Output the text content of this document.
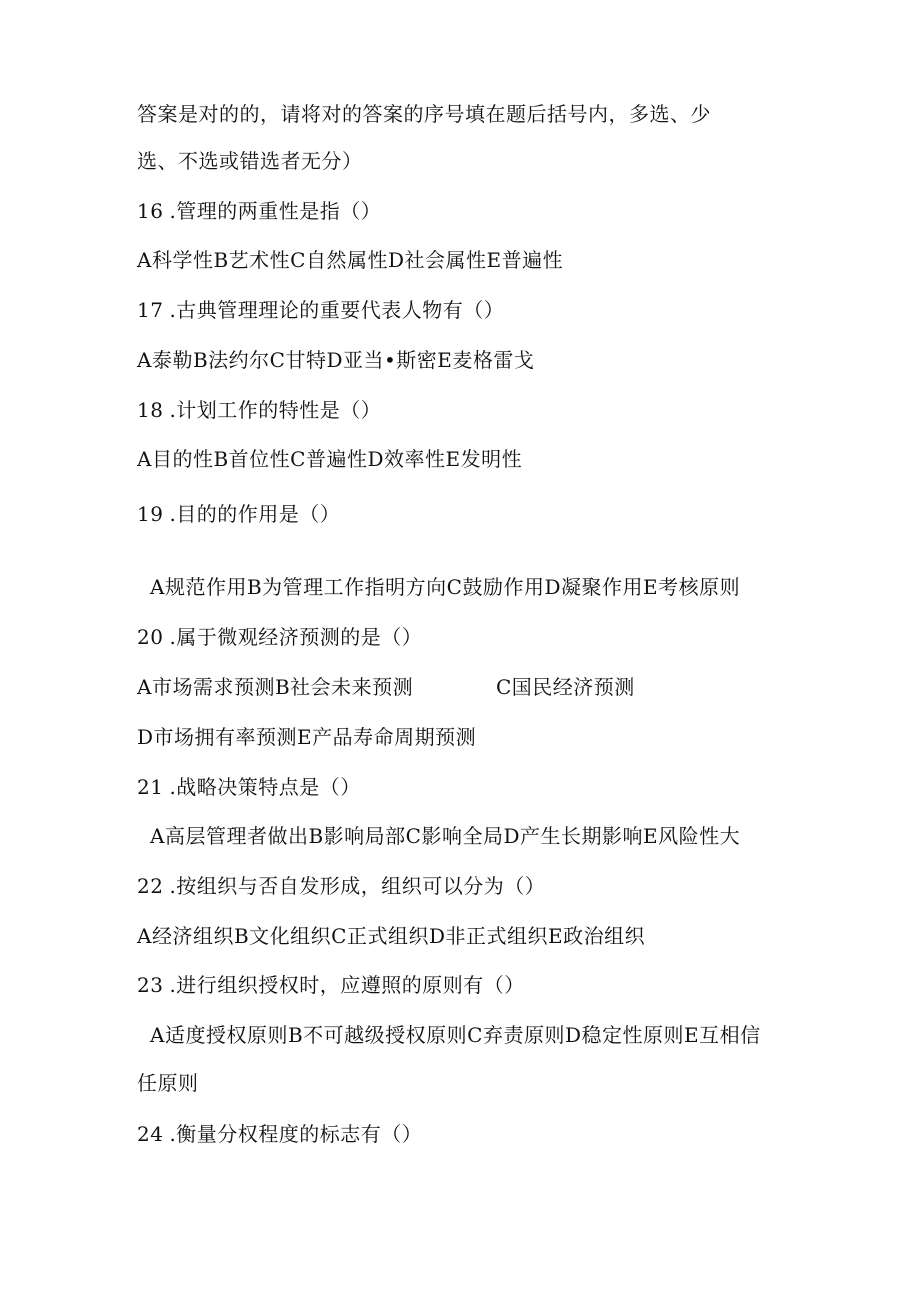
答案是对的的，请将对的答案的序号填在题后括号内，多选、少
选、不选或错选者无分）
16 .管理的两重性是指（）
A科学性B艺术性C自然属性D社会属性E普遍性
17 .古典管理理论的重要代表人物有（）
A泰勒B法约尔C甘特D亚当•斯密E麦格雷戈
18 .计划工作的特性是（）
A目的性B首位性C普遍性D效率性E发明性
19 .目的的作用是（）
A规范作用B为管理工作指明方向C鼓励作用D凝聚作用E考核原则
20 .属于微观经济预测的是（）
A市场需求预测B社会未来预测	C国民经济预测
D市场拥有率预测E产品寿命周期预测
21 .战略决策特点是（）
A高层管理者做出B影响局部C影响全局D产生长期影响E风险性大
22 .按组织与否自发形成，组织可以分为（）
A经济组织B文化组织C正式组织D非正式组织E政治组织
23 .进行组织授权时，应遵照的原则有（）
A适度授权原则B不可越级授权原则C弃责原则D稳定性原则E互相信
任原则
24 .衡量分权程度的标志有（）
